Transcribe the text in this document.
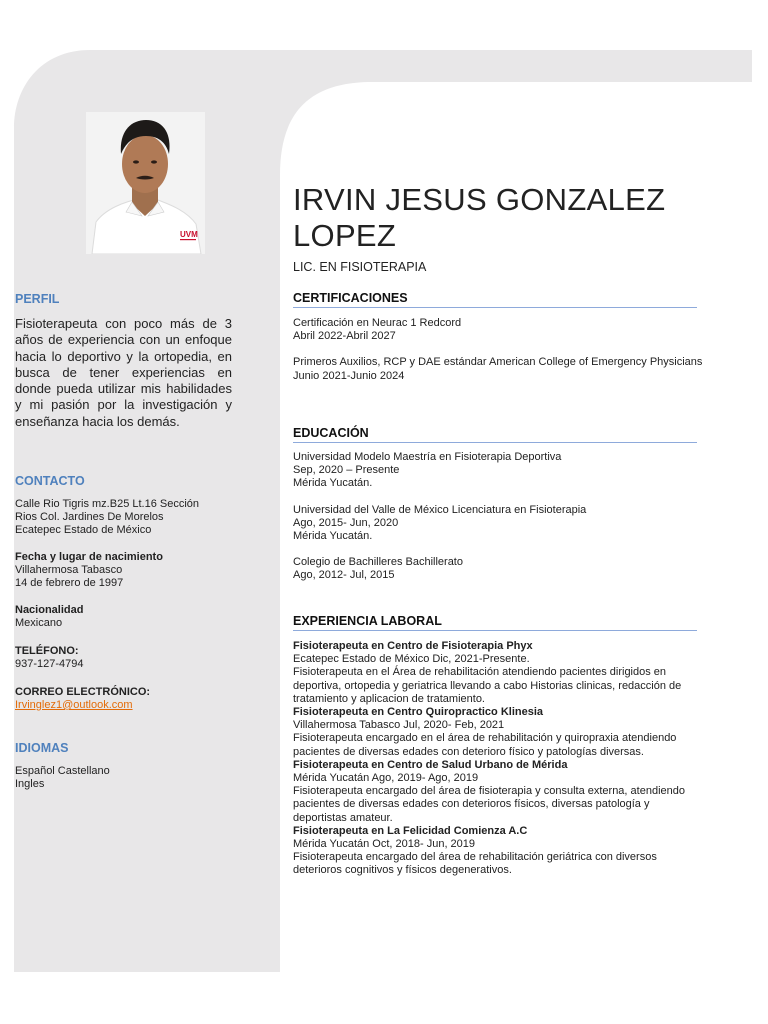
UVM
PERFIL
Fisioterapeuta con poco más de 3 años de experiencia con un enfoque hacia lo deportivo y la ortopedia, en busca de tener experiencias en donde pueda utilizar mis habilidades y mi pasión por la investigación y enseñanza hacia los demás.
CONTACTO
Calle Rio Tigris mz.B25 Lt.16 Sección
Rios Col. Jardines De Morelos
Ecatepec Estado de México
Fecha y lugar de nacimiento
Villahermosa Tabasco
14 de febrero de 1997
Nacionalidad
Mexicano
TELÉFONO:
937-127-4794
CORREO ELECTRÓNICO:
Irvinglez1@outlook.com
IDIOMAS
Español Castellano
Ingles
IRVIN JESUS GONZALEZ LOPEZ
LIC. EN FISIOTERAPIA
CERTIFICACIONES

Certificación en Neurac 1 Redcord

Abril 2022-Abril 2027

Primeros Auxilios, RCP y DAE estándar American College of Emergency Physicians

Junio 2021-Junio 2024

EDUCACIÓN

Universidad Modelo Maestría en Fisioterapia Deportiva

Sep, 2020 – Presente

Mérida Yucatán.

Universidad del Valle de México Licenciatura en Fisioterapia

Ago, 2015- Jun, 2020

Mérida Yucatán.

Colegio de Bachilleres Bachillerato

Ago, 2012- Jul, 2015

EXPERIENCIA LABORAL

Fisioterapeuta en Centro de Fisioterapia Phyx

Ecatepec Estado de México Dic, 2021-Presente.

Fisioterapeuta en el Área de rehabilitación atendiendo pacientes dirigidos en deportiva, ortopedia y geriatrica llevando a cabo Historias clinicas, redacción de tratamiento y aplicacion de tratamiento.

Fisioterapeuta en Centro Quiropractico Klinesia

Villahermosa Tabasco Jul, 2020- Feb, 2021

Fisioterapeuta encargado en el área de rehabilitación y quiropraxia atendiendo pacientes de diversas edades con deterioro físico y patologías diversas.

Fisioterapeuta en Centro de Salud Urbano de Mérida

Mérida Yucatán Ago, 2019- Ago, 2019

Fisioterapeuta encargado del área de fisioterapia y consulta externa, atendiendo pacientes de diversas edades con deterioros físicos, diversas patología y deportistas amateur.

Fisioterapeuta en La Felicidad Comienza A.C

Mérida Yucatán Oct, 2018- Jun, 2019

Fisioterapeuta encargado del área de rehabilitación geriátrica con diversos deterioros cognitivos y físicos degenerativos.
